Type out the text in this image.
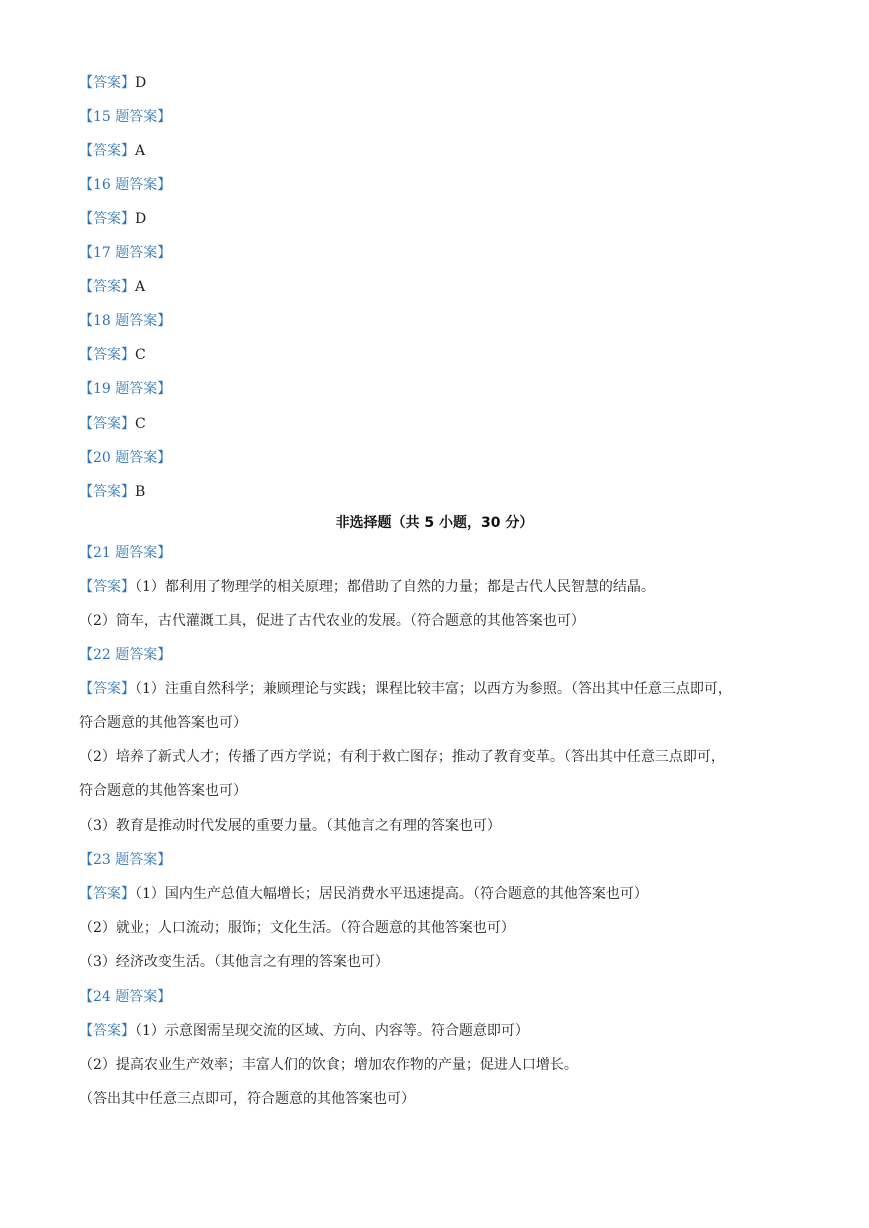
【答案】D
【15 题答案】
【答案】A
【16 题答案】
【答案】D
【17 题答案】
【答案】A
【18 题答案】
【答案】C
【19 题答案】
【答案】C
【20 题答案】
【答案】B
非选择题（共 5 小题，30 分）
【21 题答案】
【答案】（1）都利用了物理学的相关原理；都借助了自然的力量；都是古代人民智慧的结晶。
（2）筒车，古代灌溉工具，促进了古代农业的发展。（符合题意的其他答案也可）
【22 题答案】
【答案】（1）注重自然科学；兼顾理论与实践；课程比较丰富；以西方为参照。（答出其中任意三点即可，
符合题意的其他答案也可）
（2）培养了新式人才；传播了西方学说；有利于救亡图存；推动了教育变革。（答出其中任意三点即可，
符合题意的其他答案也可）
（3）教育是推动时代发展的重要力量。（其他言之有理的答案也可）
【23 题答案】
【答案】（1）国内生产总值大幅增长；居民消费水平迅速提高。（符合题意的其他答案也可）
（2）就业；人口流动；服饰；文化生活。（符合题意的其他答案也可）
（3）经济改变生活。（其他言之有理的答案也可）
【24 题答案】
【答案】（1）示意图需呈现交流的区域、方向、内容等。符合题意即可）
（2）提高农业生产效率；丰富人们的饮食；增加农作物的产量；促进人口增长。
（答出其中任意三点即可，符合题意的其他答案也可）
